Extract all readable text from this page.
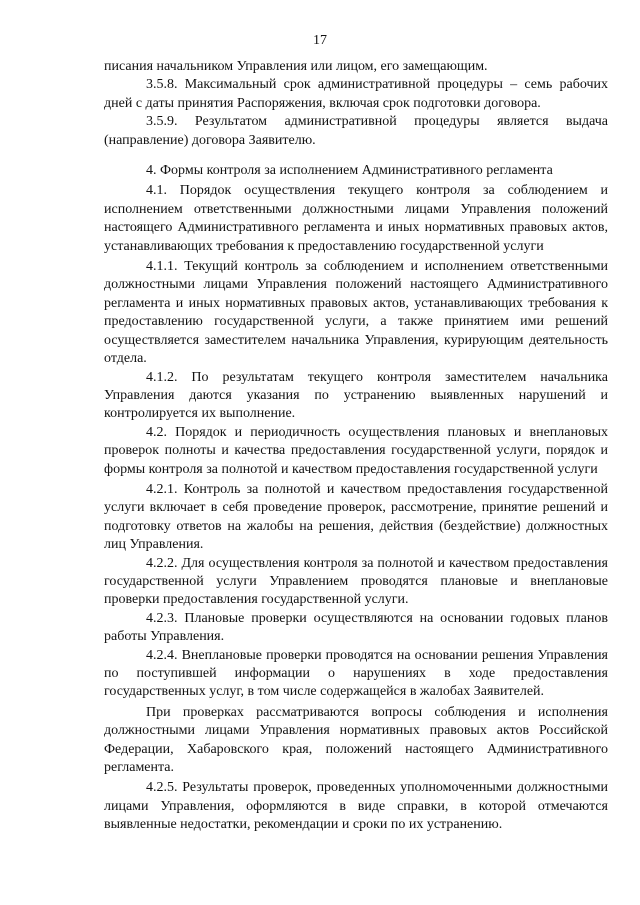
17

писания начальником Управления или лицом, его замещающим.

3.5.8. Максимальный срок административной процедуры – семь рабочих дней с даты принятия Распоряжения, включая срок подготовки договора.

3.5.9. Результатом административной процедуры является выдача (направление) договора Заявителю.

4. Формы контроля за исполнением Административного регламента

4.1. Порядок осуществления текущего контроля за соблюдением и исполнением ответственными должностными лицами Управления положений настоящего Административного регламента и иных нормативных правовых актов, устанавливающих требования к предоставлению государственной услуги

4.1.1. Текущий контроль за соблюдением и исполнением ответственными должностными лицами Управления положений настоящего Административного регламента и иных нормативных правовых актов, устанавливающих требования к предоставлению государственной услуги, а также принятием ими решений осуществляется заместителем начальника Управления, курирующим деятельность отдела.

4.1.2. По результатам текущего контроля заместителем начальника Управления даются указания по устранению выявленных нарушений и контролируется их выполнение.

4.2. Порядок и периодичность осуществления плановых и внеплановых проверок полноты и качества предоставления государственной услуги, порядок и формы контроля за полнотой и качеством предоставления государственной услуги

4.2.1. Контроль за полнотой и качеством предоставления государственной услуги включает в себя проведение проверок, рассмотрение, принятие решений и подготовку ответов на жалобы на решения, действия (бездействие) должностных лиц Управления.

4.2.2. Для осуществления контроля за полнотой и качеством предоставления государственной услуги Управлением проводятся плановые и внеплановые проверки предоставления государственной услуги.

4.2.3. Плановые проверки осуществляются на основании годовых планов работы Управления.

4.2.4. Внеплановые проверки проводятся на основании решения Управления по поступившей информации о нарушениях в ходе предоставления государственных услуг, в том числе содержащейся в жалобах Заявителей.

При проверках рассматриваются вопросы соблюдения и исполнения должностными лицами Управления нормативных правовых актов Российской Федерации, Хабаровского края, положений настоящего Административного регламента.

4.2.5. Результаты проверок, проведенных уполномоченными должностными лицами Управления, оформляются в виде справки, в которой отмечаются выявленные недостатки, рекомендации и сроки по их устранению.
